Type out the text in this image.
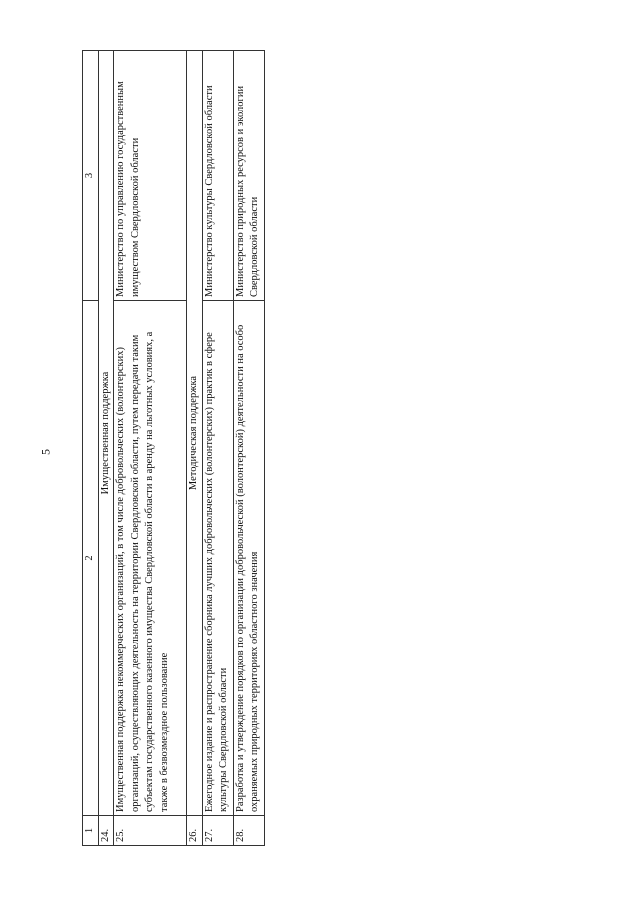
5
1	2	3
24.	Имущественная поддержка	
25.	Имущественная поддержка некоммерческих организаций, в том числе добровольческих (волонтерских) организаций, осуществляющих деятельность на территории Свердловской области, путем передачи таким субъектам государственного казенного имущества Свердловской области в аренду на льготных условиях, а также в безвозмездное пользование	Министерство по управлению государственным имуществом Свердловской области
26.	Методическая поддержка	
27.	Ежегодное издание и распространение сборника лучших добровольческих (волонтерских) практик в сфере культуры Свердловской области	Министерство культуры Свердловской области
28.	Разработка и утверждение порядков по организации добровольческой (волонтерской) деятельности на особо охраняемых природных территориях областного значения	Министерство природных ресурсов и экологии Свердловской области
